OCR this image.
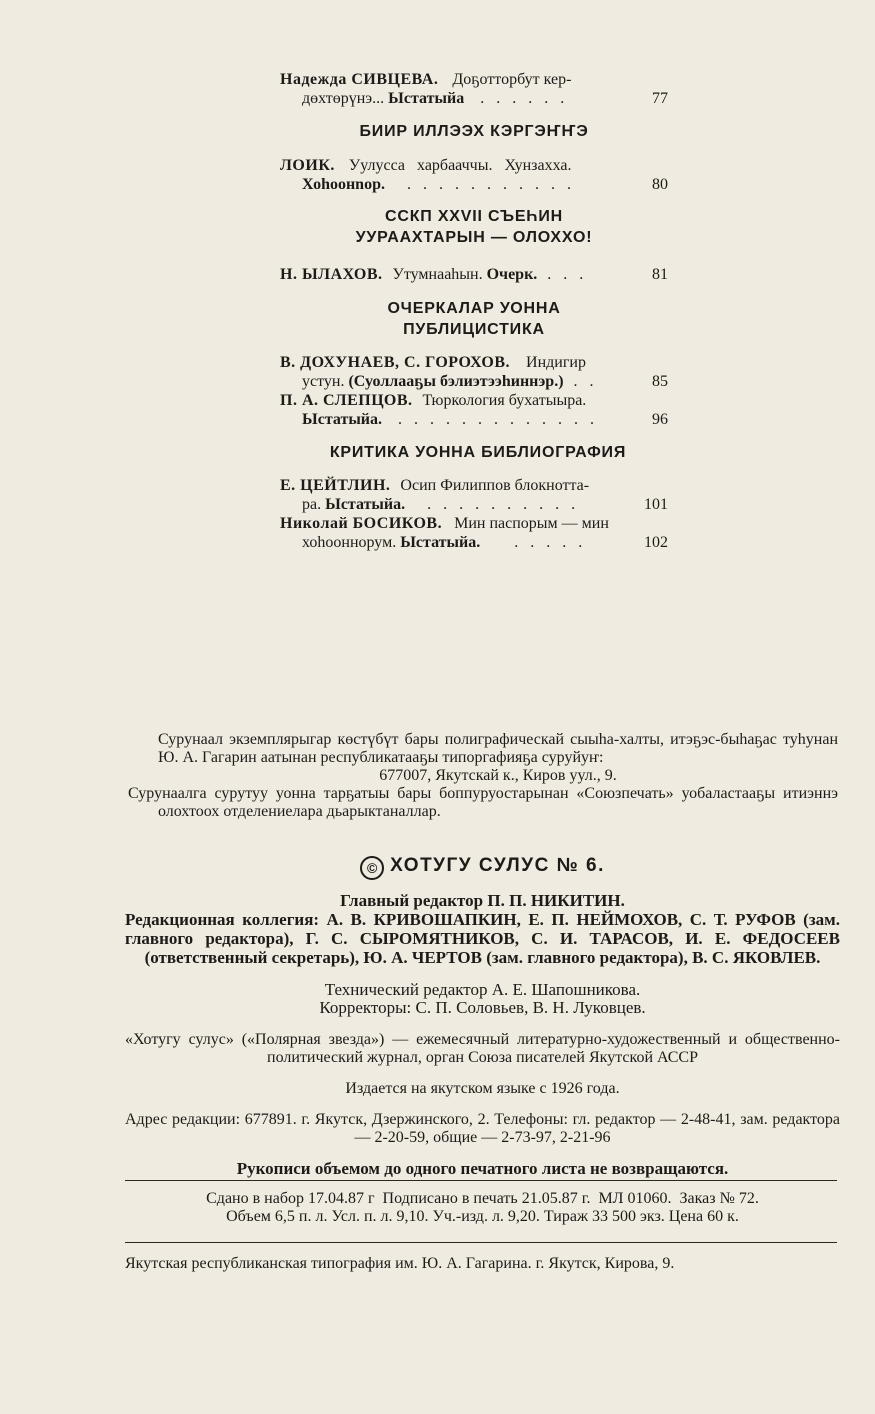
Надежда СИВЦЕВА. Доҕотторбут кер-
дөхтөрүнэ... Ыстатыйа . . . . . .	77
БИИР ИЛЛЭЭХ КЭРГЭҤҤЭ
ЛОИК. Уулусса   харбааччы.   Хунзахха.
Хоһоонnор. . . . . . . . . . . .	80
ССКП XXVII СЪЕҺИН
УУРААХТАРЫН — ОЛОХХО!
Н. ЫЛАХОВ. Утумнааһын. Очерк. . . .	81
ОЧЕРКАЛАР УОННА
ПУБЛИЦИСТИКА
В. ДОХУНАЕВ, С. ГОРОХОВ. Индигир
устун. (Суоллааҕы бэлиэтээһиннэр.) . .	85
П. А. СЛЕПЦОВ. Тюркология бухатыыра.
Ыстатыйа. . . . . . . . . . . . . .	96
КРИТИКА УОННА БИБЛИОГРАФИЯ
Е. ЦЕЙТЛИН. Осип Филиппов блокнотта-
ра. Ыстатыйа. . . . . . . . . . .	101
Николай БОСИКОВ. Мин паспорым — мин
хоһооннорум. Ыстатыйа. . . . . .	102
Сурунаал экземплярыгар көстүбүт бары полиграфическай сыыһа-халты, итэҕэс-быһаҕас туһунан Ю. А. Гагарин аатынан республикатааҕы типоргафияҕа суруйуҥ:
677007, Якутскай к., Киров уул., 9.
Сурунаалга сурутуу уонна тарҕатыы бары боппуруостарынан «Союзпечать» уобаластааҕы итиэннэ олохтоох отделениелара дьарыктаналлар.
© ХОТУГУ СУЛУС № 6.
Главный редактор П. П. НИКИТИН.
Редакционная коллегия: А. В. КРИВОШАПКИН, Е. П. НЕЙМОХОВ, С. Т. РУФОВ (зам. главного редактора), Г. С. СЫРОМЯТНИКОВ, С. И. ТАРАСОВ, И. Е. ФЕДОСЕЕВ (ответственный секретарь), Ю. А. ЧЕРТОВ (зам. главного редактора), В. С. ЯКОВЛЕВ.
Технический редактор А. Е. Шапошникова.
Корректоры: С. П. Соловьев, В. Н. Луковцев.
«Хотугу сулус» («Полярная звезда») — ежемесячный литературно-художественный и общественно-политический журнал, орган Союза писателей Якутской АССР
Издается на якутском языке с 1926 года.
Адрес редакции: 677891. г. Якутск, Дзержинского, 2. Телефоны: гл. редактор — 2-48-41, зам. редактора — 2-20-59, общие — 2-73-97, 2-21-96
Рукописи объемом до одного печатного листа не возвращаются.
Сдано в набор 17.04.87 г  Подписано в печать 21.05.87 г.  МЛ 01060.  Заказ № 72.
Объем 6,5 п. л. Усл. п. л. 9,10. Уч.-изд. л. 9,20. Тираж 33 500 экз. Цена 60 к.
Якутская республиканская типография им. Ю. А. Гагарина. г. Якутск, Кирова, 9.
